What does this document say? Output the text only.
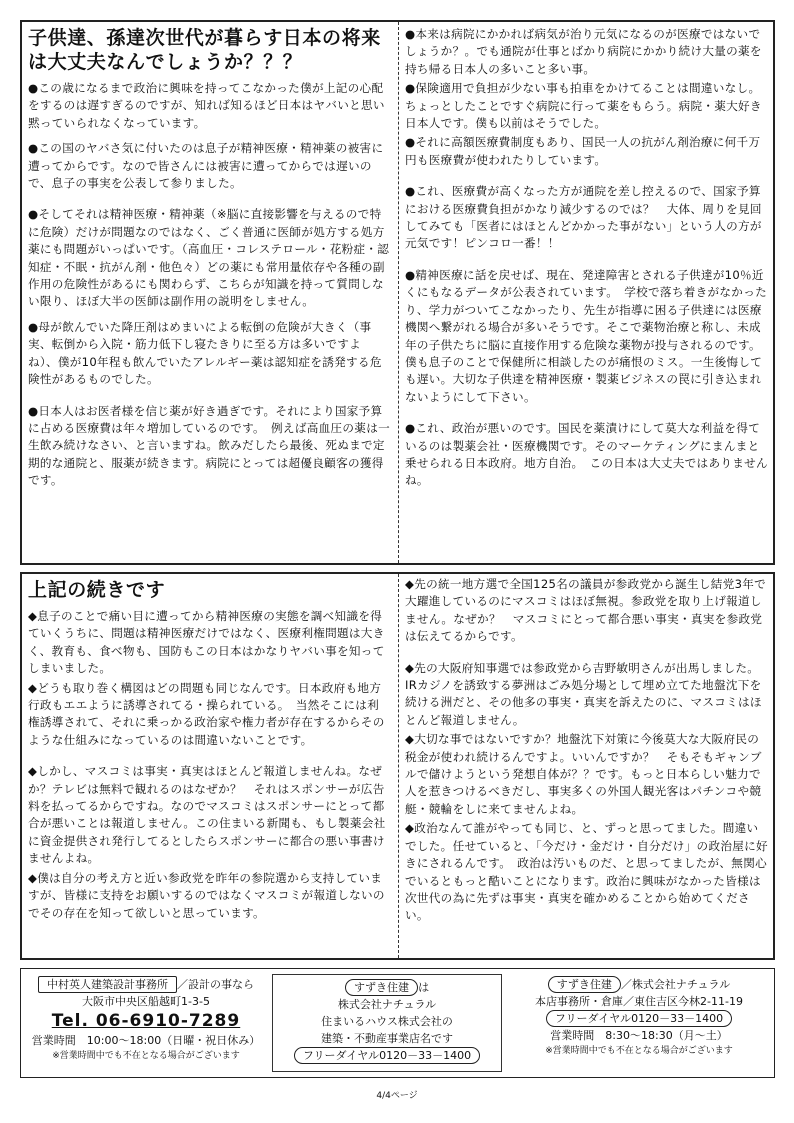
子供達、孫達次世代が暮らす日本の将来は大丈夫なんでしょうか？？？

●この歳になるまで政治に興味を持ってこなかった僕が上記の心配をするのは遅すぎるのですが、知れば知るほど日本はヤバいと思い黙っていられなくなっています。

●この国のヤバさ気に付いたのは息子が精神医療・精神薬の被害に遭ってからです。なので皆さんには被害に遭ってからでは遅いので、息子の事実を公表して参りました。

●そしてそれは精神医療・精神薬（※脳に直接影響を与えるので特に危険）だけが問題なのではなく、ごく普通に医師が処方する処方薬にも問題がいっぱいです。（高血圧・コレステロール・花粉症・認知症・不眠・抗がん剤・他色々）どの薬にも常用量依存や各種の副作用の危険性があるにも関わらず、こちらが知識を持って質問しない限り、ほぼ大半の医師は副作用の説明をしません。

●母が飲んでいた降圧剤はめまいによる転倒の危険が大きく（事実、転倒から入院・筋力低下し寝たきりに至る方は多いですよね）、僕が10年程も飲んでいたアレルギー薬は認知症を誘発する危険性があるものでした。

●日本人はお医者様を信じ薬が好き過ぎです。それにより国家予算に占める医療費は年々増加しているのです。　例えば高血圧の薬は一生飲み続けなさい、と言いますね。飲みだしたら最後、死ぬまで定期的な通院と、服薬が続きます。病院にとっては超優良顧客の獲得です。

●本来は病院にかかれば病気が治り元気になるのが医療ではないでしょうか？。でも通院が仕事とばかり病院にかかり続け大量の薬を持ち帰る日本人の多いこと多い事。

●保険適用で負担が少ない事も拍車をかけてることは間違いなし。ちょっとしたことですぐ病院に行って薬をもらう。病院・薬大好き日本人です。僕も以前はそうでした。

●それに高額医療費制度もあり、国民一人の抗がん剤治療に何千万円も医療費が使われたりしています。

●これ、医療費が高くなった方が通院を差し控えるので、国家予算における医療費負担がかなり減少するのでは？　大体、周りを見回してみても「医者にはほとんどかかった事がない」という人の方が元気です！ピンコロ一番！！

●精神医療に話を戻せば、現在、発達障害とされる子供達が10％近くにもなるデータが公表されています。　学校で落ち着きがなかったり、学力がついてこなかったり、先生が指導に困る子供達には医療機関へ繋がれる場合が多いそうです。そこで薬物治療と称し、未成年の子供たちに脳に直接作用する危険な薬物が投与されるのです。僕も息子のことで保健所に相談したのが痛恨のミス。一生後悔しても遅い。大切な子供達を精神医療・製薬ビジネスの罠に引き込まれないようにして下さい。

●これ、政治が悪いのです。国民を薬漬けにして莫大な利益を得ているのは製薬会社・医療機関です。そのマーケティングにまんまと乗せられる日本政府。地方自治。　この日本は大丈夫ではありませんね。

上記の続きです

◆息子のことで痛い目に遭ってから精神医療の実態を調べ知識を得ていくうちに、問題は精神医療だけではなく、医療利権問題は大きく、教育も、食べ物も、国防もこの日本はかなりヤバい事を知ってしまいました。

◆どうも取り巻く構図はどの問題も同じなんです。日本政府も地方行政もエエように誘導されてる・操られている。　当然そこには利権誘導されて、それに乗っかる政治家や権力者が存在するからそのような仕組みになっているのは間違いないことです。

◆しかし、マスコミは事実・真実はほとんど報道しませんね。なぜか？テレビは無料で観れるのはなぜか？　それはスポンサーが広告料を払ってるからですね。なのでマスコミはスポンサーにとって都合が悪いことは報道しません。この住まいる新聞も、もし製薬会社に資金提供され発行してるとしたらスポンサーに都合の悪い事書けませんよね。

◆僕は自分の考え方と近い参政党を昨年の参院選から支持していますが、皆様に支持をお願いするのではなくマスコミが報道しないのでその存在を知って欲しいと思っています。

◆先の統一地方選で全国125名の議員が参政党から誕生し結党3年で大躍進しているのにマスコミはほぼ無視。参政党を取り上げ報道しません。なぜか？　マスコミにとって都合悪い事実・真実を参政党は伝えてるからです。

◆先の大阪府知事選では参政党から吉野敏明さんが出馬しました。IRカジノを誘致する夢洲はごみ処分場として埋め立てた地盤沈下を続ける洲だと、その他多の事実・真実を訴えたのに、マスコミはほとんど報道しません。

◆大切な事ではないですか？地盤沈下対策に今後莫大な大阪府民の税金が使われ続けるんですよ。いいんですか？　そもそもギャンブルで儲けようという発想自体が？？です。もっと日本らしい魅力で人を惹きつけるべきだし、事実多くの外国人観光客はパチンコや競艇・競輪をしに来てませんよね。

◆政治なんて誰がやっても同じ、と、ずっと思ってました。間違いでした。任せていると、「今だけ・金だけ・自分だけ」の政治屋に好きにされるんです。　政治は汚いものだ、と思ってましたが、無関心でいるともっと酷いことになります。政治に興味がなかった皆様は次世代の為に先ずは事実・真実を確かめることから始めてください。

中村英人建築設計事務所 ／設計の事なら
大阪市中央区船越町1-3-5
Tel. 06-6910-7289
営業時間　10:00～18:00（日曜・祝日休み）
※営業時間中でも不在となる場合がございます
すずき住建 は
株式会社ナチュラル
住まいるハウス株式会社の
建築・不動産事業店名です
フリーダイヤル0120－33－1400
すずき住建 ／株式会社ナチュラル
本店事務所・倉庫／東住吉区今林2-11-19
フリーダイヤル0120－33－1400
営業時間　8:30～18:30（月～土）
※営業時間中でも不在となる場合がございます
4/4ページ
